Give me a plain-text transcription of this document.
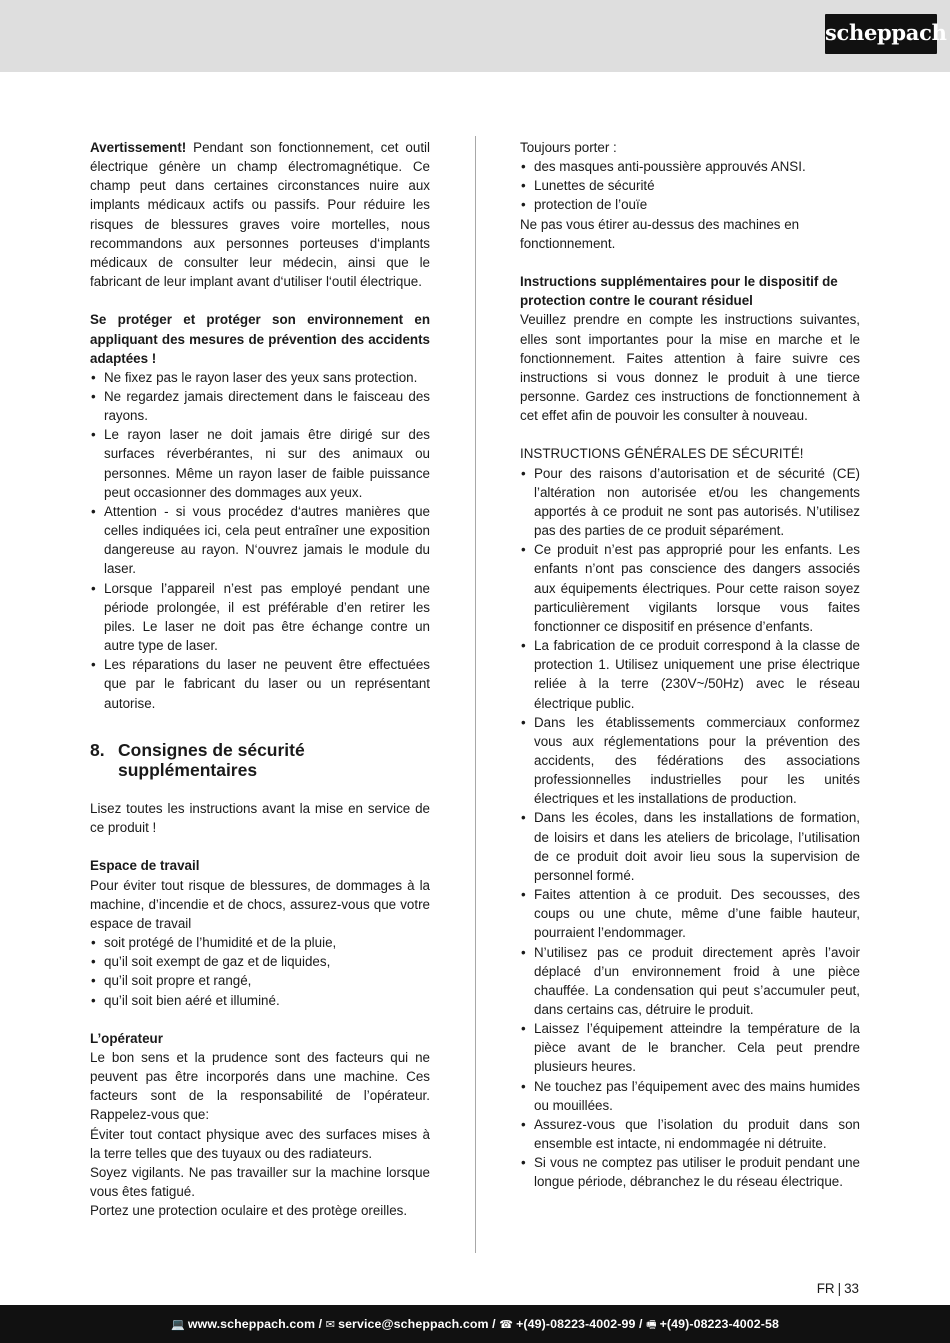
scheppach

Avertissement! Pendant son fonctionnement, cet outil électrique génère un champ électromagnétique. Ce champ peut dans certaines circonstances nuire aux implants médicaux actifs ou passifs. Pour réduire les risques de blessures graves voire mortelles, nous recommandons aux personnes porteuses d‘implants médicaux de consulter leur médecin, ainsi que le fabricant de leur implant avant d‘utiliser l‘outil électrique.

Se protéger et protéger son environnement en appliquant des mesures de prévention des accidents adaptées !

• Ne fixez pas le rayon laser des yeux sans protection.
• Ne regardez jamais directement dans le faisceau des rayons.
• Le rayon laser ne doit jamais être dirigé sur des surfaces réverbérantes, ni sur des animaux ou personnes. Même un rayon laser de faible puissance peut occasionner des dommages aux yeux.
• Attention - si vous procédez d‘autres manières que celles indiquées ici, cela peut entraîner une exposition dangereuse au rayon. N‘ouvrez jamais le module du laser.
• Lorsque l’appareil n’est pas employé pendant une période prolongée, il est préférable d’en retirer les piles. Le laser ne doit pas être échange contre un autre type de laser.
• Les réparations du laser ne peuvent être effectuées que par le fabricant du laser ou un représentant autorise.
8. Consignes de sécurité supplémentaires

Lisez toutes les instructions avant la mise en service de ce produit !

Espace de travail

Pour éviter tout risque de blessures, de dommages à la machine, d’incendie et de chocs, assurez-vous que votre espace de travail

• soit protégé de l’humidité et de la pluie,
• qu’il soit exempt de gaz et de liquides,
• qu’il soit propre et rangé,
• qu’il soit bien aéré et illuminé.

L’opérateur

Le bon sens et la prudence sont des facteurs qui ne peuvent pas être incorporés dans une machine. Ces facteurs sont de la responsabilité de l’opérateur. Rappelez-vous que:

Éviter tout contact physique avec des surfaces mises à la terre telles que des tuyaux ou des radiateurs.

Soyez vigilants. Ne pas travailler sur la machine lorsque vous êtes fatigué.

Portez une protection oculaire et des protège oreilles.

Toujours porter :

• des masques anti-poussière approuvés ANSI.
• Lunettes de sécurité
• protection de l’ouïe

Ne pas vous étirer au-dessus des machines en fonctionnement.

Instructions supplémentaires pour le dispositif de protection contre le courant résiduel

Veuillez prendre en compte les instructions suivantes, elles sont importantes pour la mise en marche et le fonctionnement. Faites attention à faire suivre ces instructions si vous donnez le produit à une tierce personne. Gardez ces instructions de fonctionnement à cet effet afin de pouvoir les consulter à nouveau.

INSTRUCTIONS GÉNÉRALES DE SÉCURITÉ!

• Pour des raisons d’autorisation et de sécurité (CE) l’altération non autorisée et/ou les changements apportés à ce produit ne sont pas autorisés. N’utilisez pas des parties de ce produit séparément.
• Ce produit n’est pas approprié pour les enfants. Les enfants n’ont pas conscience des dangers associés aux équipements électriques. Pour cette raison soyez particulièrement vigilants lorsque vous faites fonctionner ce dispositif en présence d’enfants.
• La fabrication de ce produit correspond à la classe de protection 1. Utilisez uniquement une prise électrique reliée à la terre (230V~/50Hz) avec le réseau électrique public.
• Dans les établissements commerciaux conformez vous aux réglementations pour la prévention des accidents, des fédérations des associations professionnelles industrielles pour les unités électriques et les installations de production.
• Dans les écoles, dans les installations de formation, de loisirs et dans les ateliers de bricolage, l’utilisation de ce produit doit avoir lieu sous la supervision de personnel formé.
• Faites attention à ce produit. Des secousses, des coups ou une chute, même d’une faible hauteur, pourraient l’endommager.
• N’utilisez pas ce produit directement après l’avoir déplacé d’un environnement froid à une pièce chauffée. La condensation qui peut s’accumuler peut, dans certains cas, détruire le produit.
• Laissez l’équipement atteindre la température de la pièce avant de le brancher. Cela peut prendre plusieurs heures.
• Ne touchez pas l’équipement avec des mains humides ou mouillées.
• Assurez-vous que l’isolation du produit dans son ensemble est intacte, ni endommagée ni détruite.
• Si vous ne comptez pas utiliser le produit pendant une longue période, débranchez le du réseau électrique.
FR | 33
💻 www.scheppach.com / ✉ service@scheppach.com / ☎ +(49)-08223-4002-99 / 🖷 +(49)-08223-4002-58
